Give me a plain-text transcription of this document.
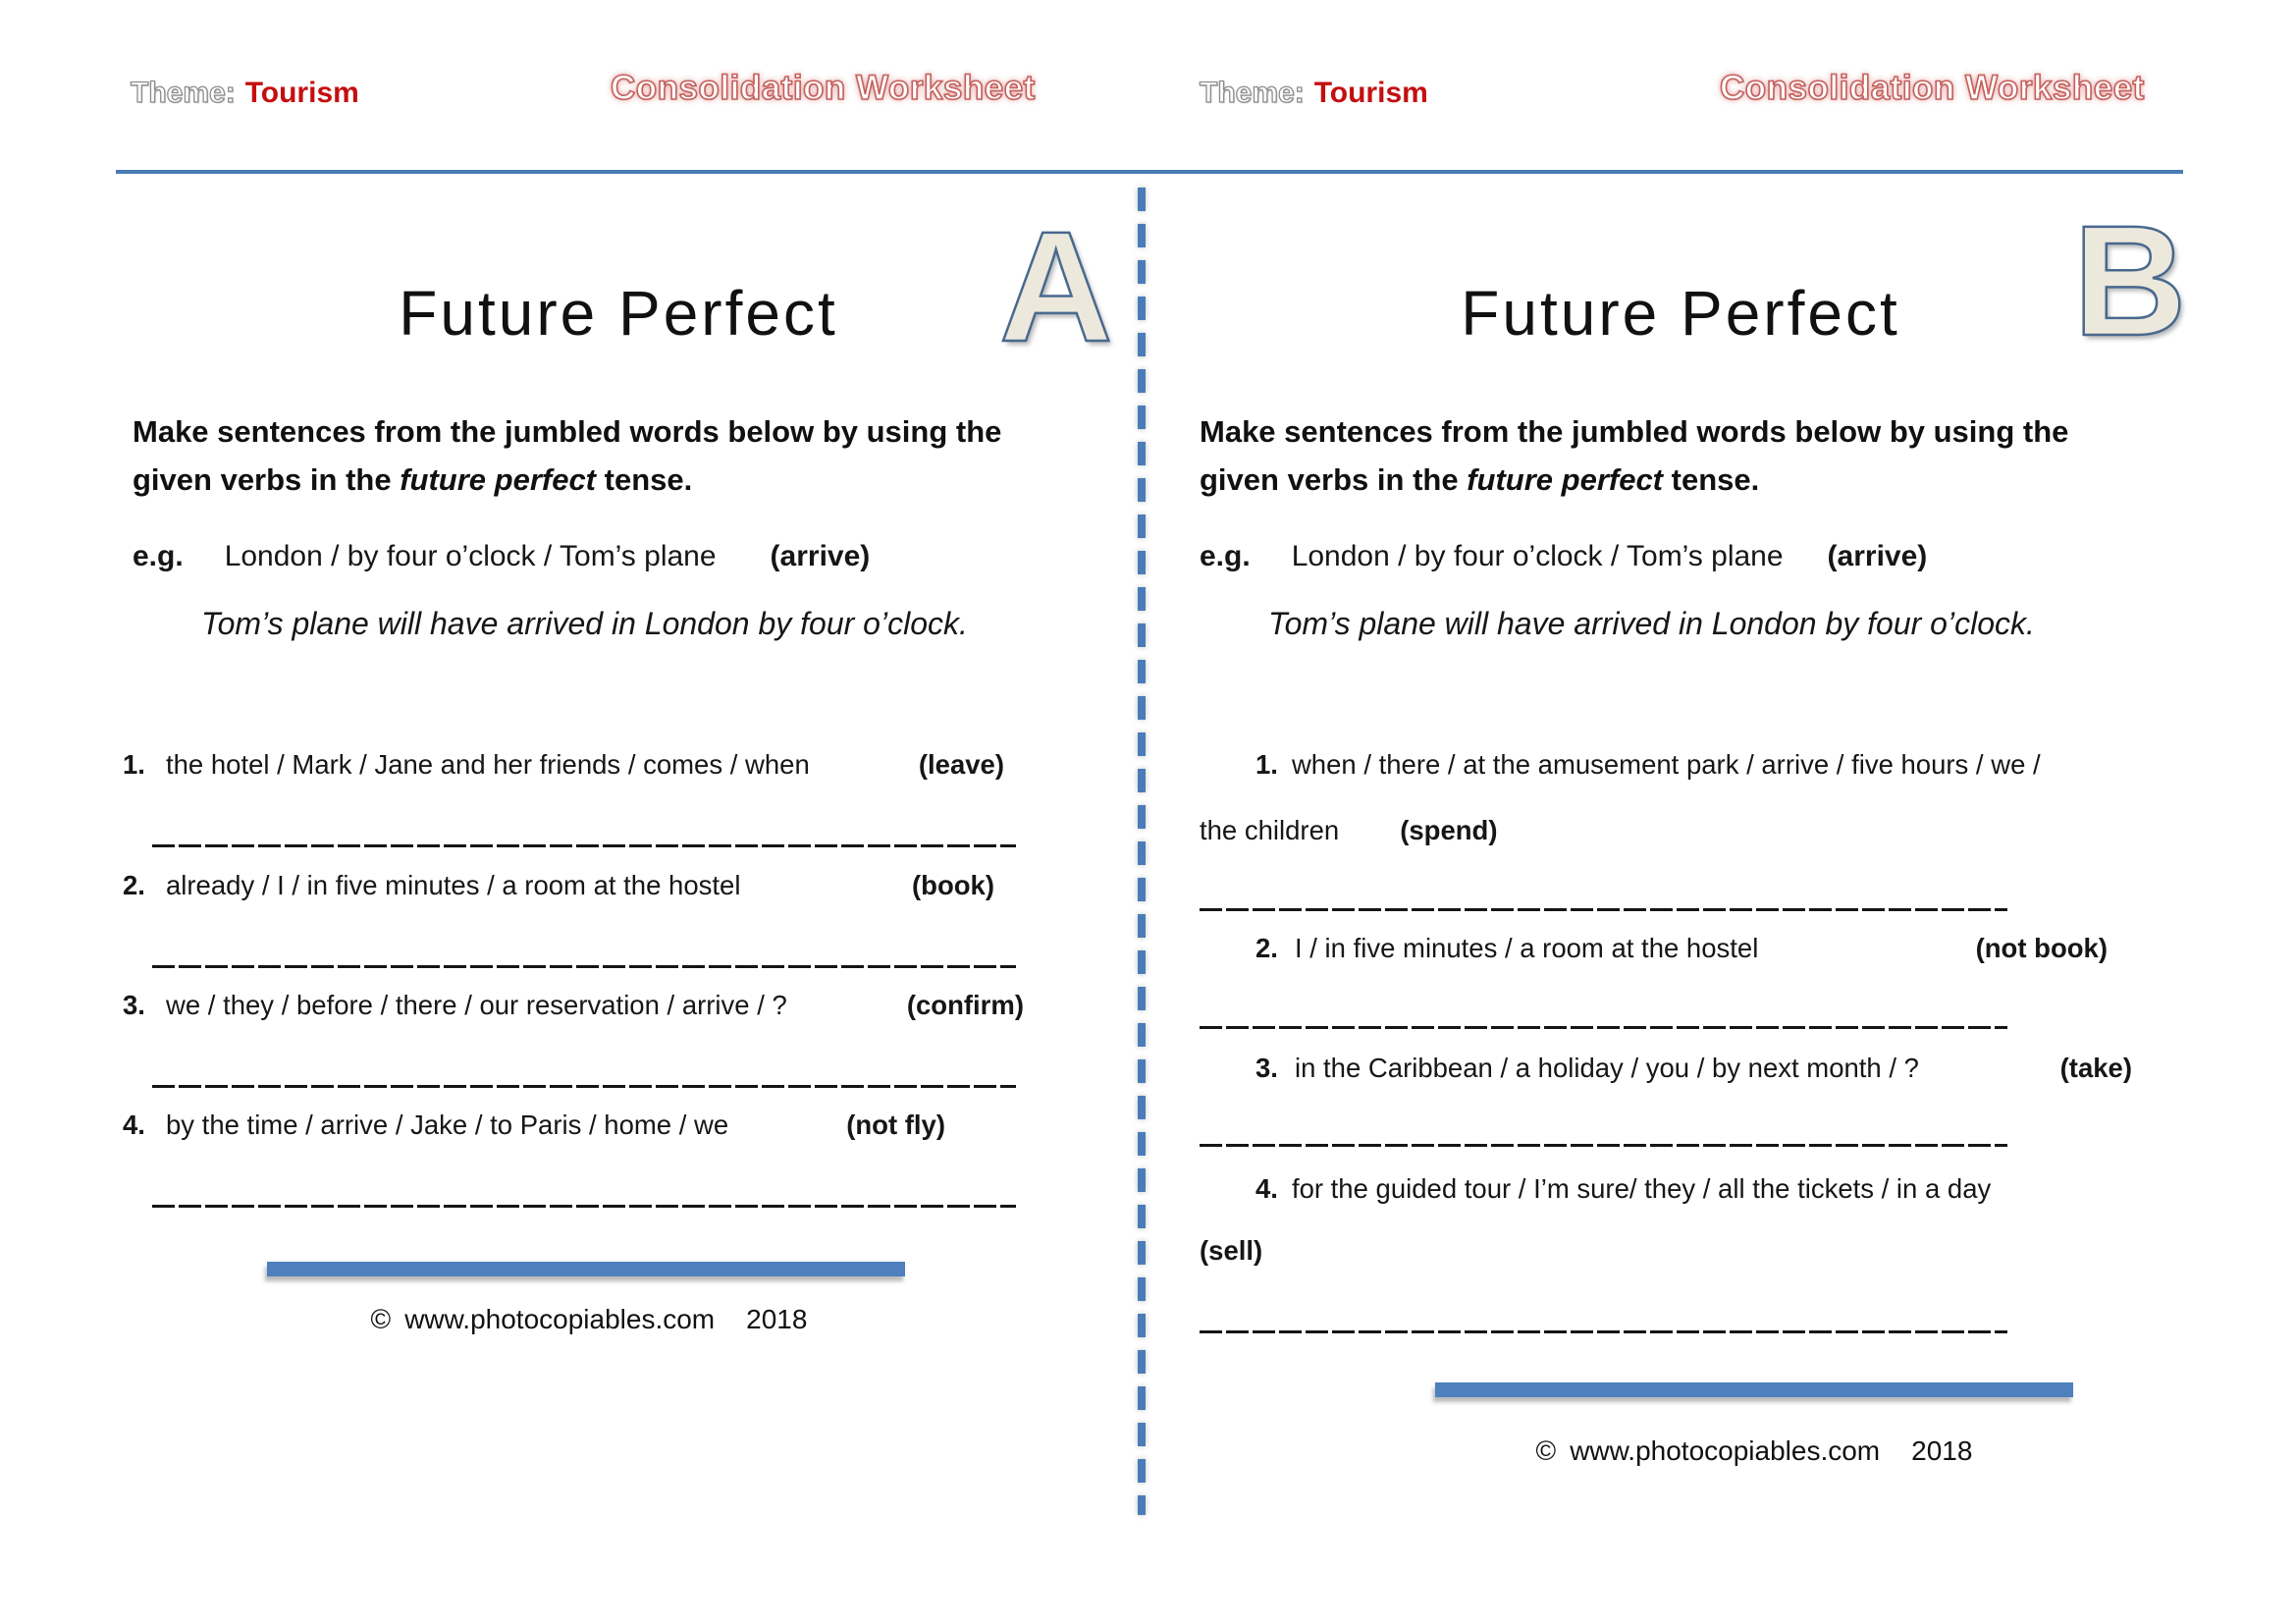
Theme: Tourism	Consolidation Worksheet	Theme: Tourism	Consolidation Worksheet
Future Perfect	A
Make sentences from the jumbled words below by using the given verbs in the future perfect tense.
e.g. London / by four o’clock / Tom’s plane (arrive)
Tom’s plane will have arrived in London by four o’clock.
1. the hotel / Mark / Jane and her friends / comes / when	(leave)
2. already / I / in five minutes / a room at the hostel	(book)
3. we / they / before / there / our reservation / arrive / ?	(confirm)
4. by the time / arrive / Jake / to Paris / home / we	(not fly)
© www.photocopiables.com 2018
Future Perfect	B
Make sentences from the jumbled words below by using the given verbs in the future perfect tense.
e.g. London / by four o’clock / Tom’s plane (arrive)
Tom’s plane will have arrived in London by four o’clock.
1. when / there / at the amusement park / arrive / five hours / we /
the children (spend)
2. I / in five minutes / a room at the hostel	(not book)
3. in the Caribbean / a holiday / you / by next month / ?	(take)
4. for the guided tour / I’m sure/ they / all the tickets / in a day
(sell)
© www.photocopiables.com 2018
